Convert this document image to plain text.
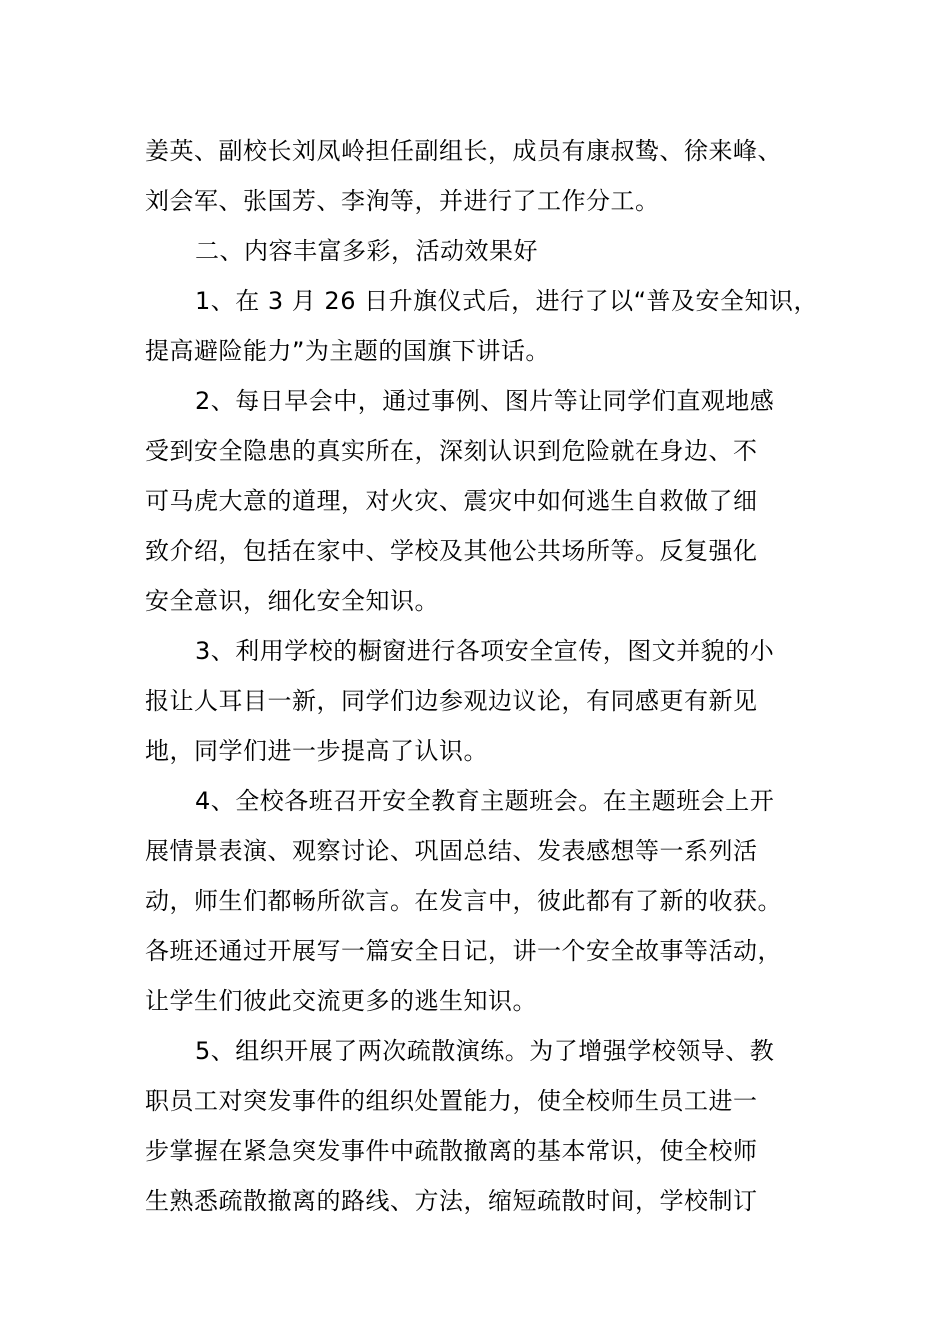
姜英、副校长刘凤岭担任副组长，成员有康叔鸷、徐来峰、
刘会军、张国芳、李洵等，并进行了工作分工。
二、内容丰富多彩，活动效果好
1、在 3 月 26 日升旗仪式后，进行了以“普及安全知识，
提高避险能力”为主题的国旗下讲话。
2、每日早会中，通过事例、图片等让同学们直观地感
受到安全隐患的真实所在，深刻认识到危险就在身边、不
可马虎大意的道理，对火灾、震灾中如何逃生自救做了细
致介绍，包括在家中、学校及其他公共场所等。反复强化
安全意识，细化安全知识。
3、利用学校的橱窗进行各项安全宣传，图文并貌的小
报让人耳目一新，同学们边参观边议论，有同感更有新见
地，同学们进一步提高了认识。
4、全校各班召开安全教育主题班会。在主题班会上开
展情景表演、观察讨论、巩固总结、发表感想等一系列活
动，师生们都畅所欲言。在发言中，彼此都有了新的收获。
各班还通过开展写一篇安全日记，讲一个安全故事等活动，
让学生们彼此交流更多的逃生知识。
5、组织开展了两次疏散演练。为了增强学校领导、教
职员工对突发事件的组织处置能力，使全校师生员工进一
步掌握在紧急突发事件中疏散撤离的基本常识，使全校师
生熟悉疏散撤离的路线、方法，缩短疏散时间，学校制订
